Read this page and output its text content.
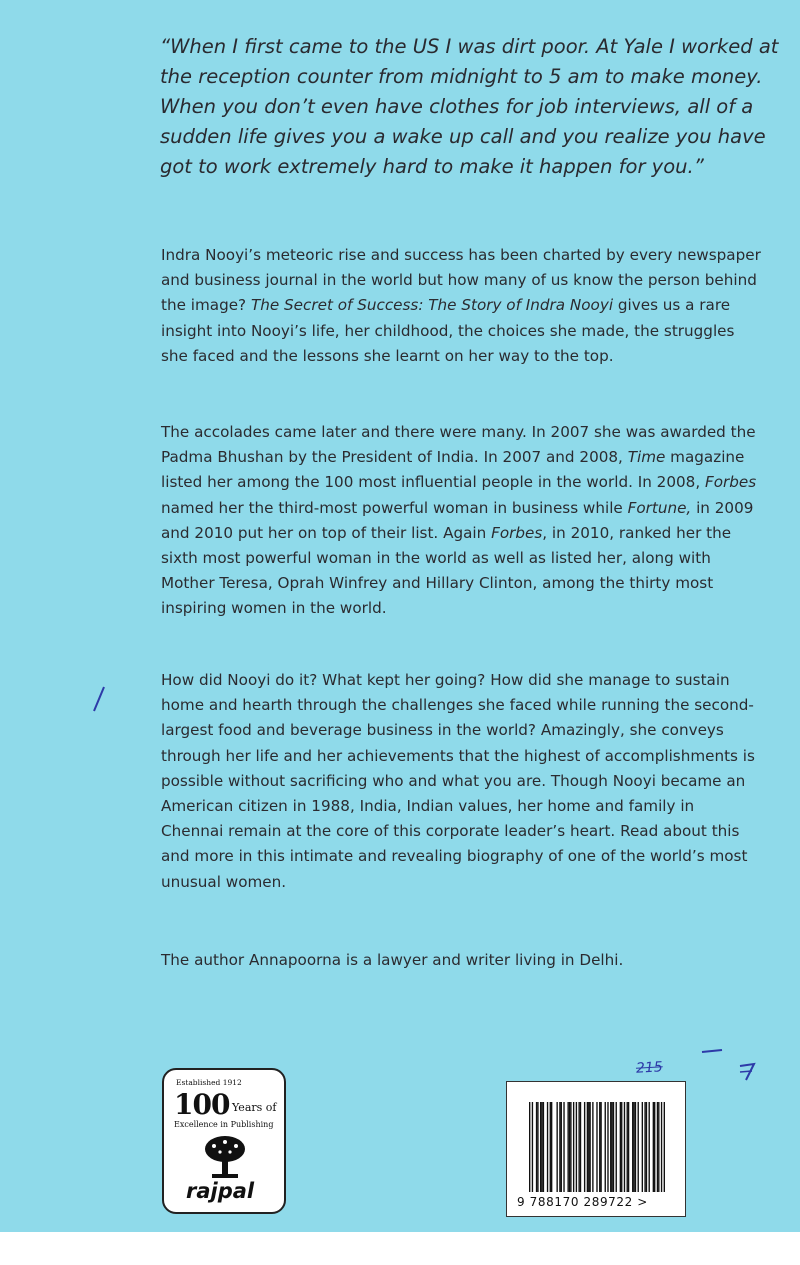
“When I first came to the US I was dirt poor. At Yale I worked at the reception counter from midnight to 5 am to make money. When you don’t even have clothes for job interviews, all of a sudden life gives you a wake up call and you realize you have got to work extremely hard to make it happen for you.”

Indra Nooyi’s meteoric rise and success has been charted by every newspaper and business journal in the world but how many of us know the person behind the image? The Secret of Success: The Story of Indra Nooyi gives us a rare insight into Nooyi’s life, her childhood, the choices she made, the struggles she faced and the lessons she learnt on her way to the top.

The accolades came later and there were many. In 2007 she was awarded the Padma Bhushan by the President of India. In 2007 and 2008, Time magazine listed her among the 100 most influential people in the world. In 2008, Forbes named her the third-most powerful woman in business while Fortune, in 2009 and 2010 put her on top of their list. Again Forbes, in 2010, ranked her the sixth most powerful woman in the world as well as listed her, along with Mother Teresa, Oprah Winfrey and Hillary Clinton, among the thirty most inspiring women in the world.

How did Nooyi do it? What kept her going? How did she manage to sustain home and hearth through the challenges she faced while running the second-largest food and beverage business in the world? Amazingly, she conveys through her life and her achievements that the highest of accomplishments is possible without sacrificing who and what you are. Though Nooyi became an American citizen in 1988, India, Indian values, her home and family in Chennai remain at the core of this corporate leader’s heart. Read about this and more in this intimate and revealing biography of one of the world’s most unusual women.

The author Annapoorna is a lawyer and writer living in Delhi.

215
Established 1912
100 Years of
Excellence in Publishing
rajpal	9 788170 289722 >
